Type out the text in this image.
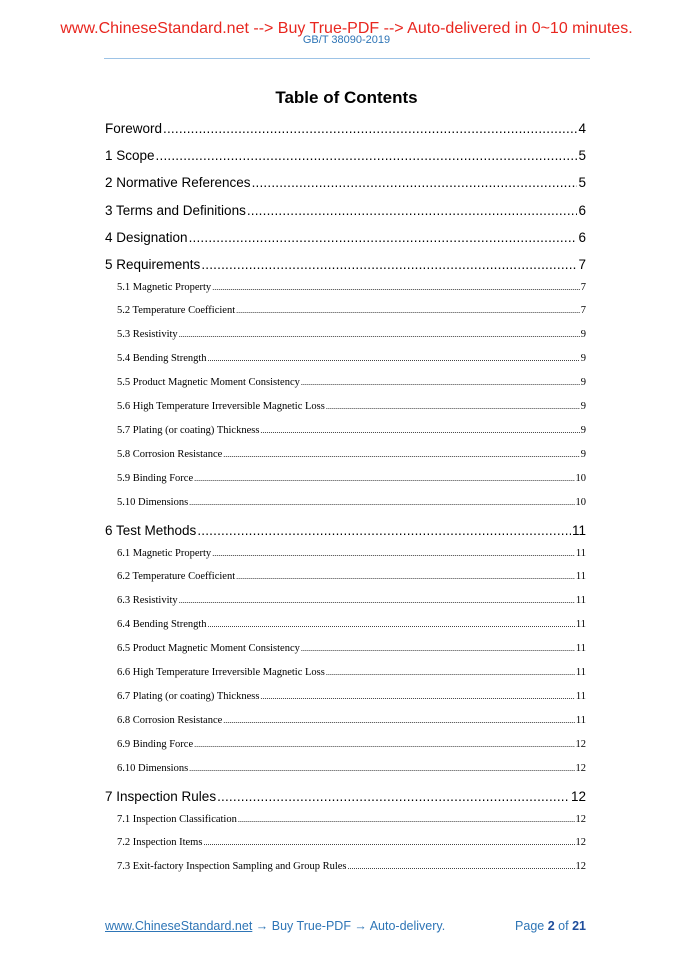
www.ChineseStandard.net --> Buy True-PDF --> Auto-delivered in 0~10 minutes.
GB/T 38090-2019
Table of Contents
Foreword .....	4
1 Scope .....	5
2 Normative References .....	5
3 Terms and Definitions .....	6
4 Designation .....	6
5 Requirements .....	7
5.1 Magnetic Property .....	7
5.2 Temperature Coefficient .....	7
5.3 Resistivity .....	9
5.4 Bending Strength .....	9
5.5 Product Magnetic Moment Consistency .....	9
5.6 High Temperature Irreversible Magnetic Loss .....	9
5.7 Plating (or coating) Thickness .....	9
5.8 Corrosion Resistance .....	9
5.9 Binding Force .....	10
5.10 Dimensions .....	10
6 Test Methods .....	11
6.1 Magnetic Property .....	11
6.2 Temperature Coefficient .....	11
6.3 Resistivity .....	11
6.4 Bending Strength .....	11
6.5 Product Magnetic Moment Consistency .....	11
6.6 High Temperature Irreversible Magnetic Loss .....	11
6.7 Plating (or coating) Thickness .....	11
6.8 Corrosion Resistance .....	11
6.9 Binding Force .....	12
6.10 Dimensions .....	12
7 Inspection Rules .....	12
7.1 Inspection Classification .....	12
7.2 Inspection Items .....	12
7.3 Exit-factory Inspection Sampling and Group Rules .....	12
www.ChineseStandard.net → Buy True-PDF → Auto-delivery.	Page 2 of 21
